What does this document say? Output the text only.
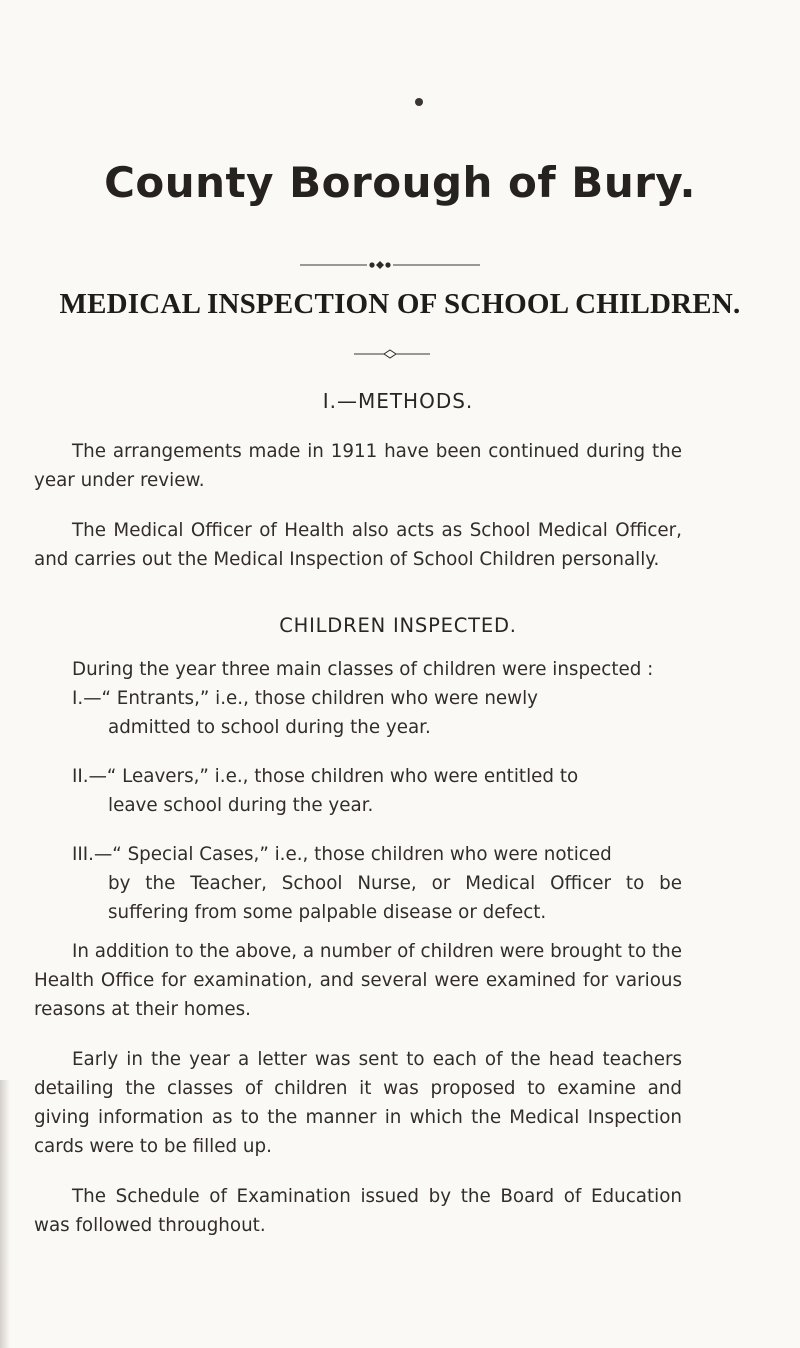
County Borough of Bury.
MEDICAL INSPECTION OF SCHOOL CHILDREN.
I.—METHODS.
The arrangements made in 1911 have been continued during the year under review.
The Medical Officer of Health also acts as School Medical Officer, and carries out the Medical Inspection of School Children personally.
CHILDREN INSPECTED.
During the year three main classes of children were inspected :
I.—“ Entrants,” i.e., those children who were newly
admitted to school during the year.
II.—“ Leavers,” i.e., those children who were entitled to
leave school during the year.
III.—“ Special Cases,” i.e., those children who were noticed
by the Teacher, School Nurse, or Medical Officer to be suffering from some palpable disease or defect.
In addition to the above, a number of children were brought to the Health Office for examination, and several were examined for various reasons at their homes.
Early in the year a letter was sent to each of the head teachers detailing the classes of children it was proposed to examine and giving information as to the manner in which the Medical Inspection cards were to be filled up.
The Schedule of Examination issued by the Board of Education was followed throughout.
